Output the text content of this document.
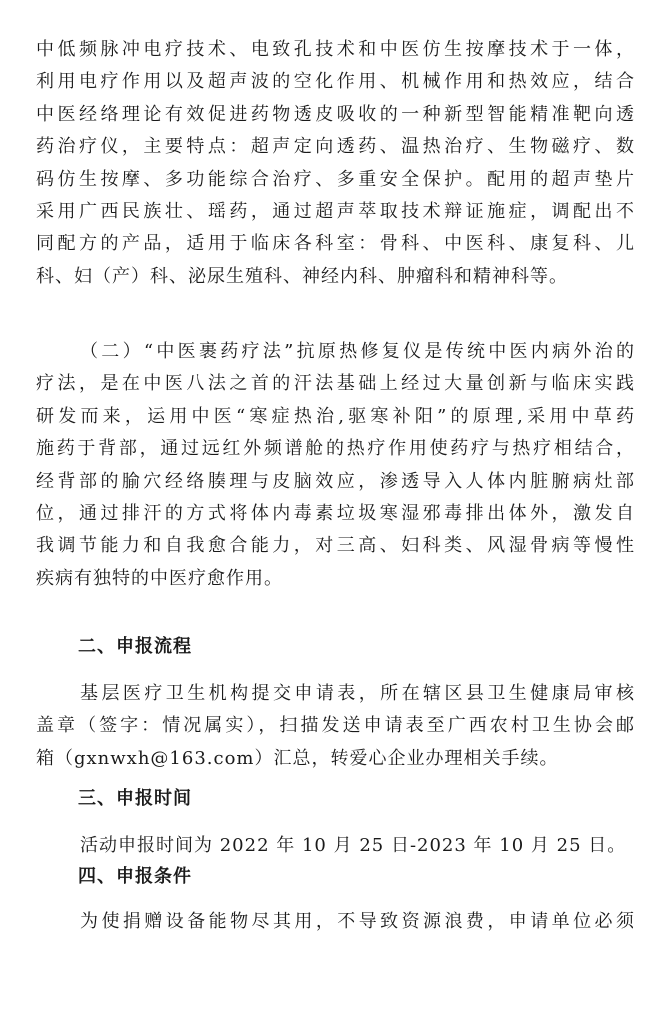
中低频脉冲电疗技术、电致孔技术和中医仿生按摩技术于一体，
利用电疗作用以及超声波的空化作用、机械作用和热效应，结合
中医经络理论有效促进药物透皮吸收的一种新型智能精准靶向透
药治疗仪，主要特点：超声定向透药、温热治疗、生物磁疗、数
码仿生按摩、多功能综合治疗、多重安全保护。配用的超声垫片
采用广西民族壮、瑶药，通过超声萃取技术辩证施症，调配出不
同配方的产品，适用于临床各科室：骨科、中医科、康复科、儿
科、妇（产）科、泌尿生殖科、神经内科、肿瘤科和精神科等。
（二）“中医裹药疗法”抗原热修复仪是传统中医内病外治的
疗法，是在中医八法之首的汗法基础上经过大量创新与临床实践
研发而来，运用中医“寒症热治,驱寒补阳”的原理,采用中草药
施药于背部，通过远红外频谱舱的热疗作用使药疗与热疗相结合，
经背部的腧穴经络腠理与皮脑效应，渗透导入人体内脏腑病灶部
位，通过排汗的方式将体内毒素垃圾寒湿邪毒排出体外，激发自
我调节能力和自我愈合能力，对三高、妇科类、风湿骨病等慢性
疾病有独特的中医疗愈作用。
二、申报流程
基层医疗卫生机构提交申请表，所在辖区县卫生健康局审核
盖章（签字：情况属实），扫描发送申请表至广西农村卫生协会邮
箱（gxnwxh@163.com）汇总，转爱心企业办理相关手续。
三、申报时间
活动申报时间为 2022 年 10 月 25 日-2023 年 10 月 25 日。
四、申报条件
为使捐赠设备能物尽其用，不导致资源浪费，申请单位必须
